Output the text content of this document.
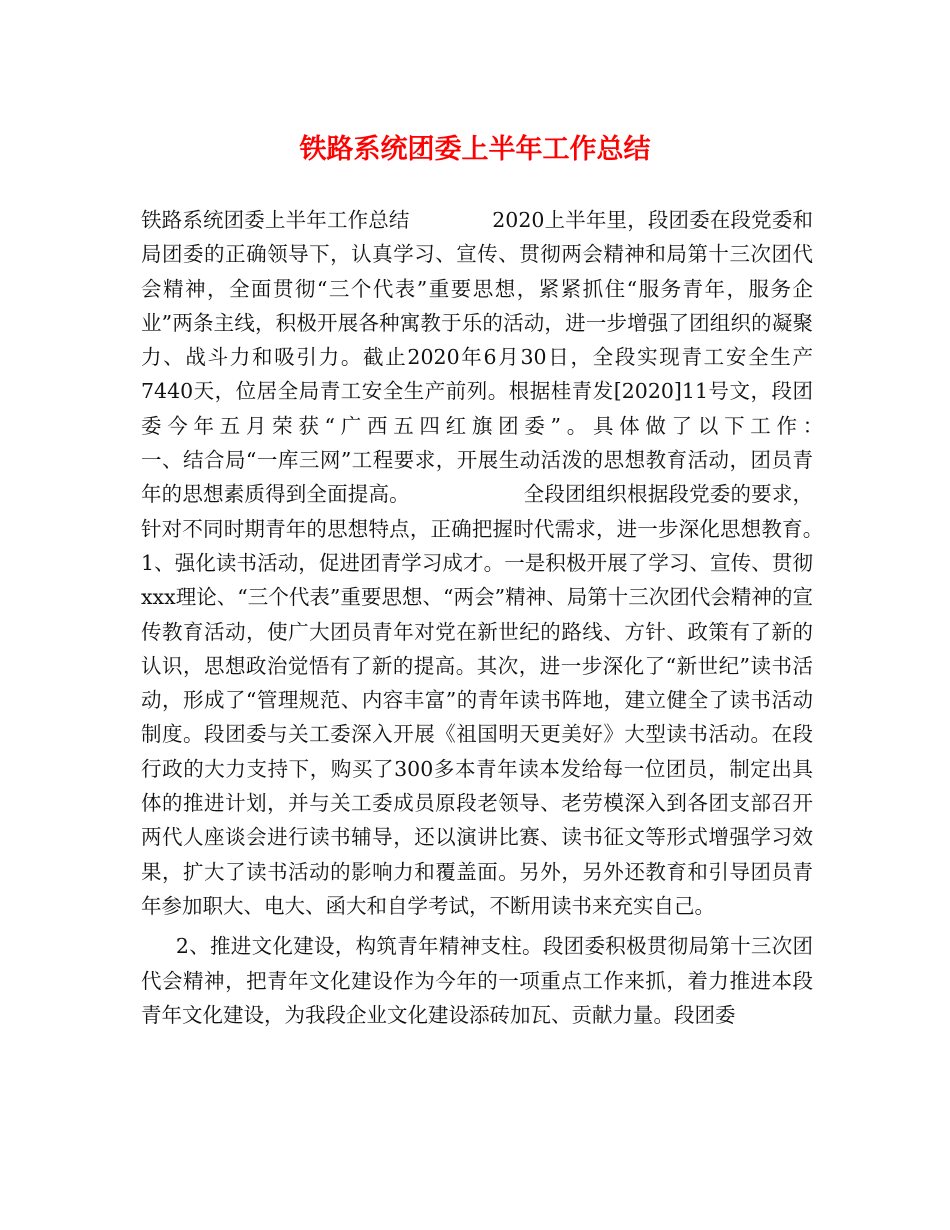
铁路系统团委上半年工作总结

铁路系统团委上半年工作总结　　　　2020上半年里，段团委在段党委和局团委的正确领导下，认真学习、宣传、贯彻两会精神和局第十三次团代会精神，全面贯彻“三个代表”重要思想，紧紧抓住“服务青年，服务企业”两条主线，积极开展各种寓教于乐的活动，进一步增强了团组织的凝聚力、战斗力和吸引力。截止2020年6月30日，全段实现青工安全生产7440天，位居全局青工安全生产前列。根据桂青发[2020]11号文，段团委今年五月荣获“广西五四红旗团委”。具体做了以下工作：　　　　　　一、结合局“一库三网”工程要求，开展生动活泼的思想教育活动，团员青年的思想素质得到全面提高。　　　　　　全段团组织根据段党委的要求，针对不同时期青年的思想特点，正确把握时代需求，进一步深化思想教育。　　　　　　1、强化读书活动，促进团青学习成才。一是积极开展了学习、宣传、贯彻xxx理论、“三个代表”重要思想、“两会”精神、局第十三次团代会精神的宣传教育活动，使广大团员青年对党在新世纪的路线、方针、政策有了新的认识，思想政治觉悟有了新的提高。其次，进一步深化了“新世纪”读书活动，形成了“管理规范、内容丰富”的青年读书阵地，建立健全了读书活动制度。段团委与关工委深入开展《祖国明天更美好》大型读书活动。在段行政的大力支持下，购买了300多本青年读本发给每一位团员，制定出具体的推进计划，并与关工委成员原段老领导、老劳模深入到各团支部召开两代人座谈会进行读书辅导，还以演讲比赛、读书征文等形式增强学习效果，扩大了读书活动的影响力和覆盖面。另外，另外还教育和引导团员青年参加职大、电大、函大和自学考试，不断用读书来充实自己。

2、推进文化建设，构筑青年精神支柱。段团委积极贯彻局第十三次团代会精神，把青年文化建设作为今年的一项重点工作来抓，着力推进本段青年文化建设，为我段企业文化建设添砖加瓦、贡献力量。段团委
